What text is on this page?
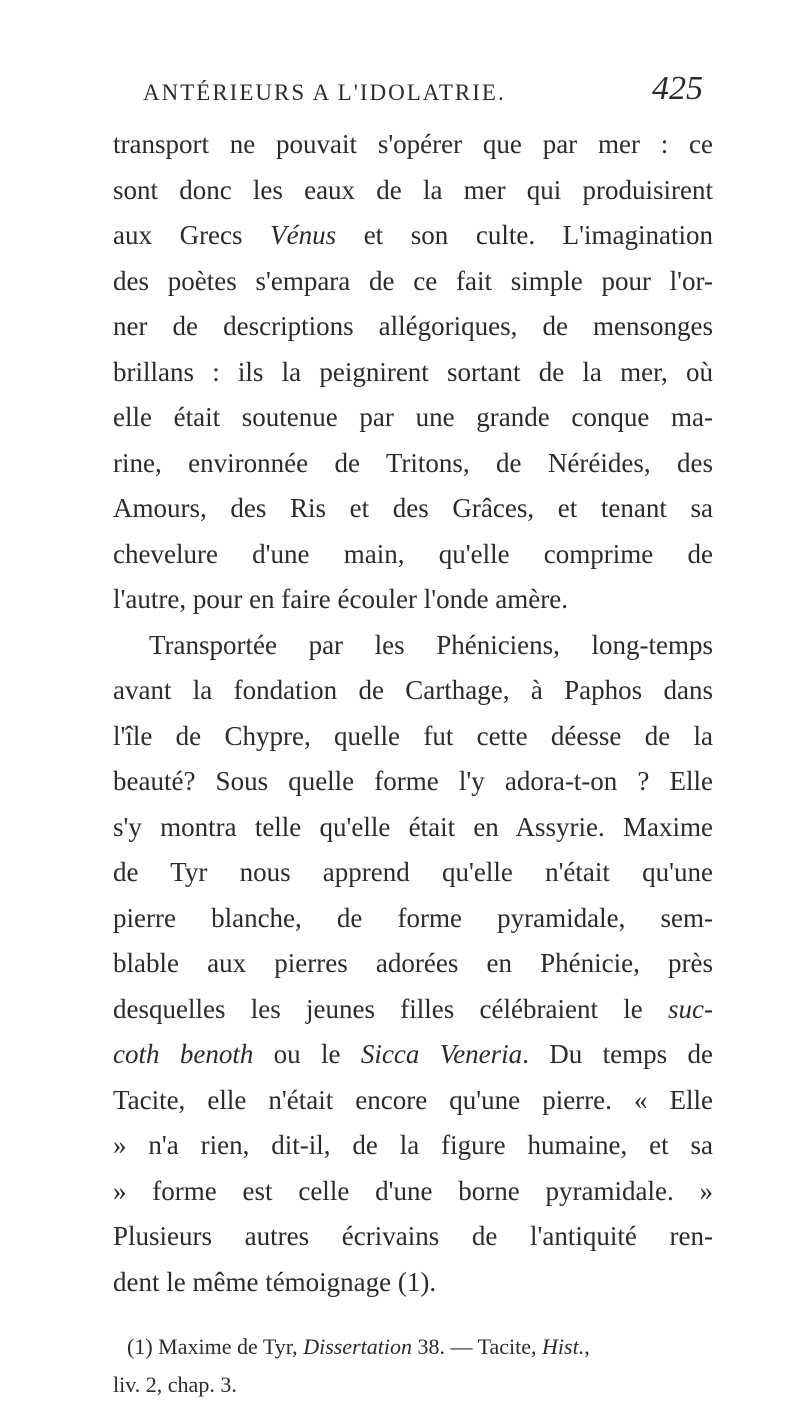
ANTÉRIEURS A L'IDOLATRIE.	425
transport ne pouvait s'opérer que par mer : ce
sont donc les eaux de la mer qui produisirent
aux Grecs Vénus et son culte. L'imagination
des poètes s'empara de ce fait simple pour l'or-
ner de descriptions allégoriques, de mensonges
brillans : ils la peignirent sortant de la mer, où
elle était soutenue par une grande conque ma-
rine, environnée de Tritons, de Néréides, des
Amours, des Ris et des Grâces, et tenant sa
chevelure d'une main, qu'elle comprime de
l'autre, pour en faire écouler l'onde amère.
Transportée par les Phéniciens, long-temps
avant la fondation de Carthage, à Paphos dans
l'île de Chypre, quelle fut cette déesse de la
beauté? Sous quelle forme l'y adora-t-on ? Elle
s'y montra telle qu'elle était en Assyrie. Maxime
de Tyr nous apprend qu'elle n'était qu'une
pierre blanche, de forme pyramidale, sem-
blable aux pierres adorées en Phénicie, près
desquelles les jeunes filles célébraient le suc-
coth benoth ou le Sicca Veneria. Du temps de
Tacite, elle n'était encore qu'une pierre. « Elle
» n'a rien, dit-il, de la figure humaine, et sa
» forme est celle d'une borne pyramidale. »
Plusieurs autres écrivains de l'antiquité ren-
dent le même témoignage (1).
(1) Maxime de Tyr, Dissertation 38. — Tacite, Hist.,
liv. 2, chap. 3.
